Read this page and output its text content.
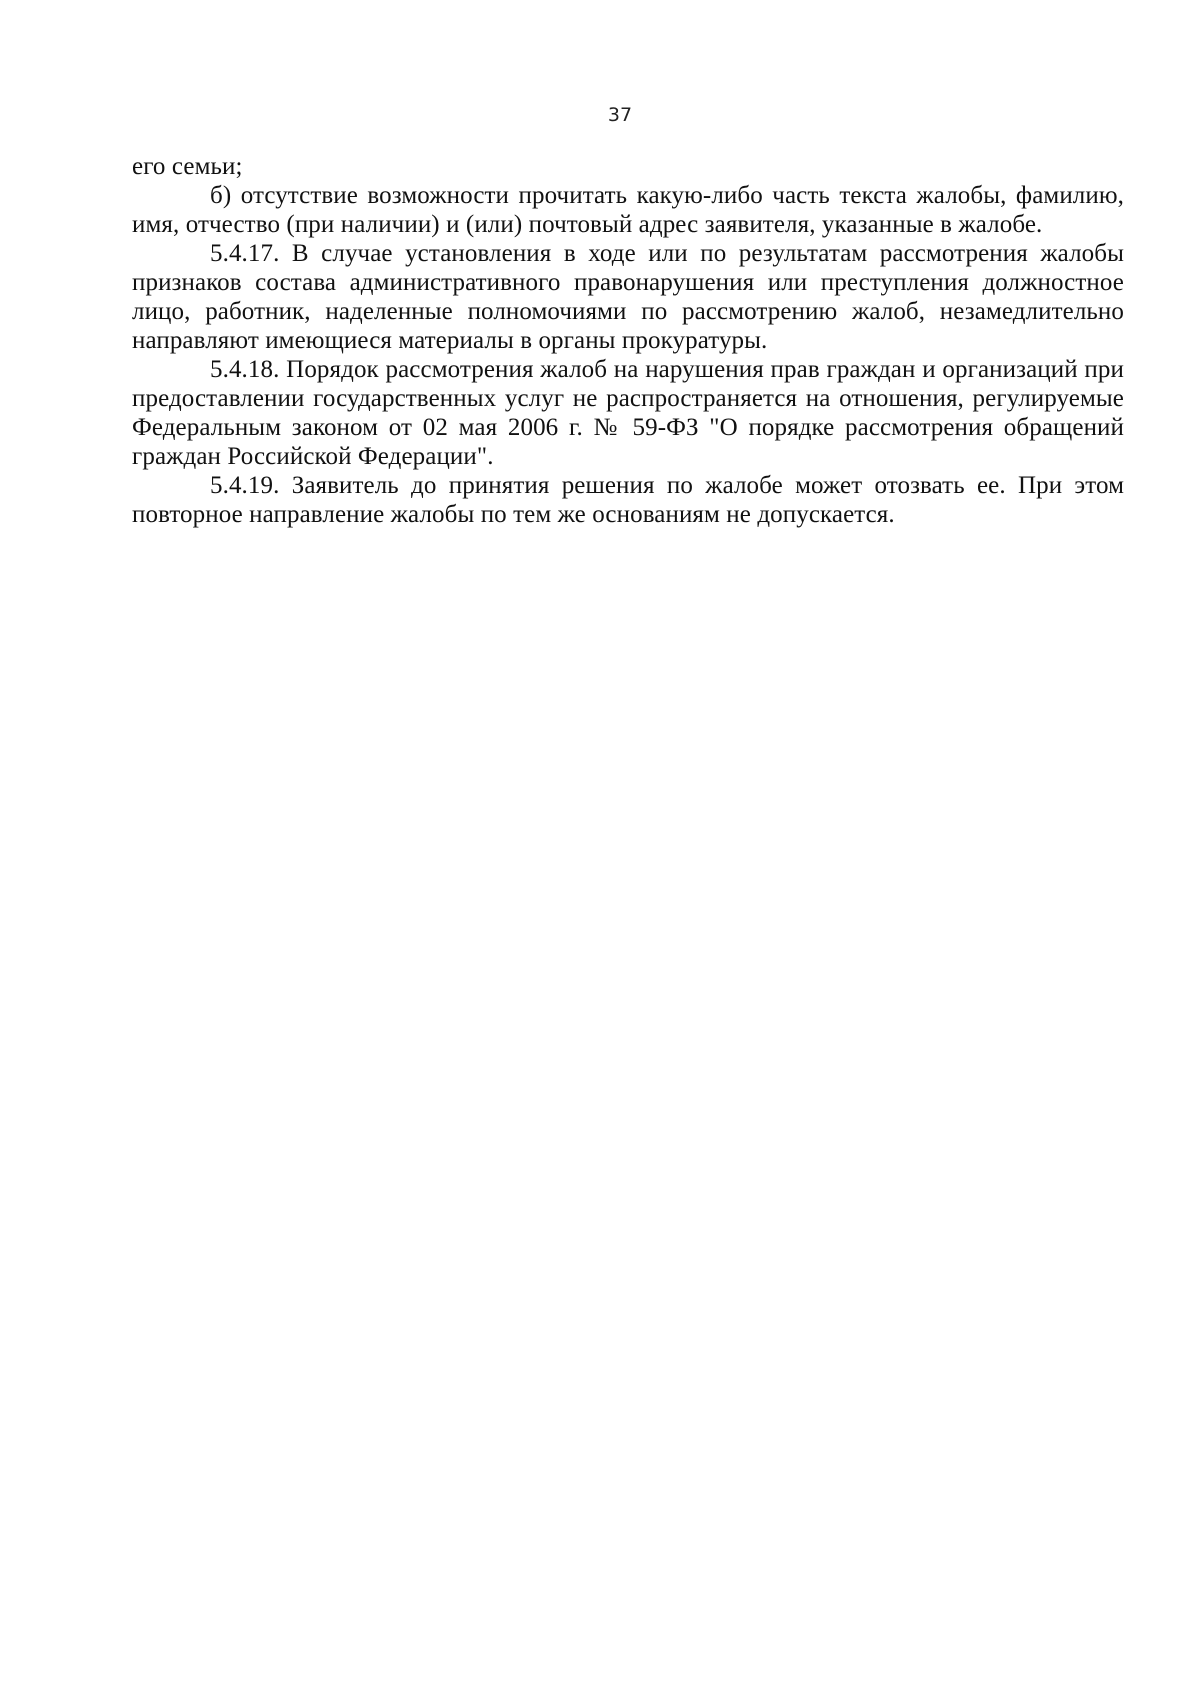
37

его семьи;

б) отсутствие возможности прочитать какую-либо часть текста жалобы, фамилию, имя, отчество (при наличии) и (или) почтовый адрес заявителя, указанные в жалобе.

5.4.17. В случае установления в ходе или по результатам рассмотрения жалобы признаков состава административного правонарушения или преступления должностное лицо, работник, наделенные полномочиями по рассмотрению жалоб, незамедлительно направляют имеющиеся материалы в органы прокуратуры.

5.4.18. Порядок рассмотрения жалоб на нарушения прав граждан и организаций при предоставлении государственных услуг не распространяется на отношения, регулируемые Федеральным законом от 02 мая 2006 г. № 59-ФЗ "О порядке рассмотрения обращений граждан Российской Федерации".

5.4.19. Заявитель до принятия решения по жалобе может отозвать ее. При этом повторное направление жалобы по тем же основаниям не допускается.
